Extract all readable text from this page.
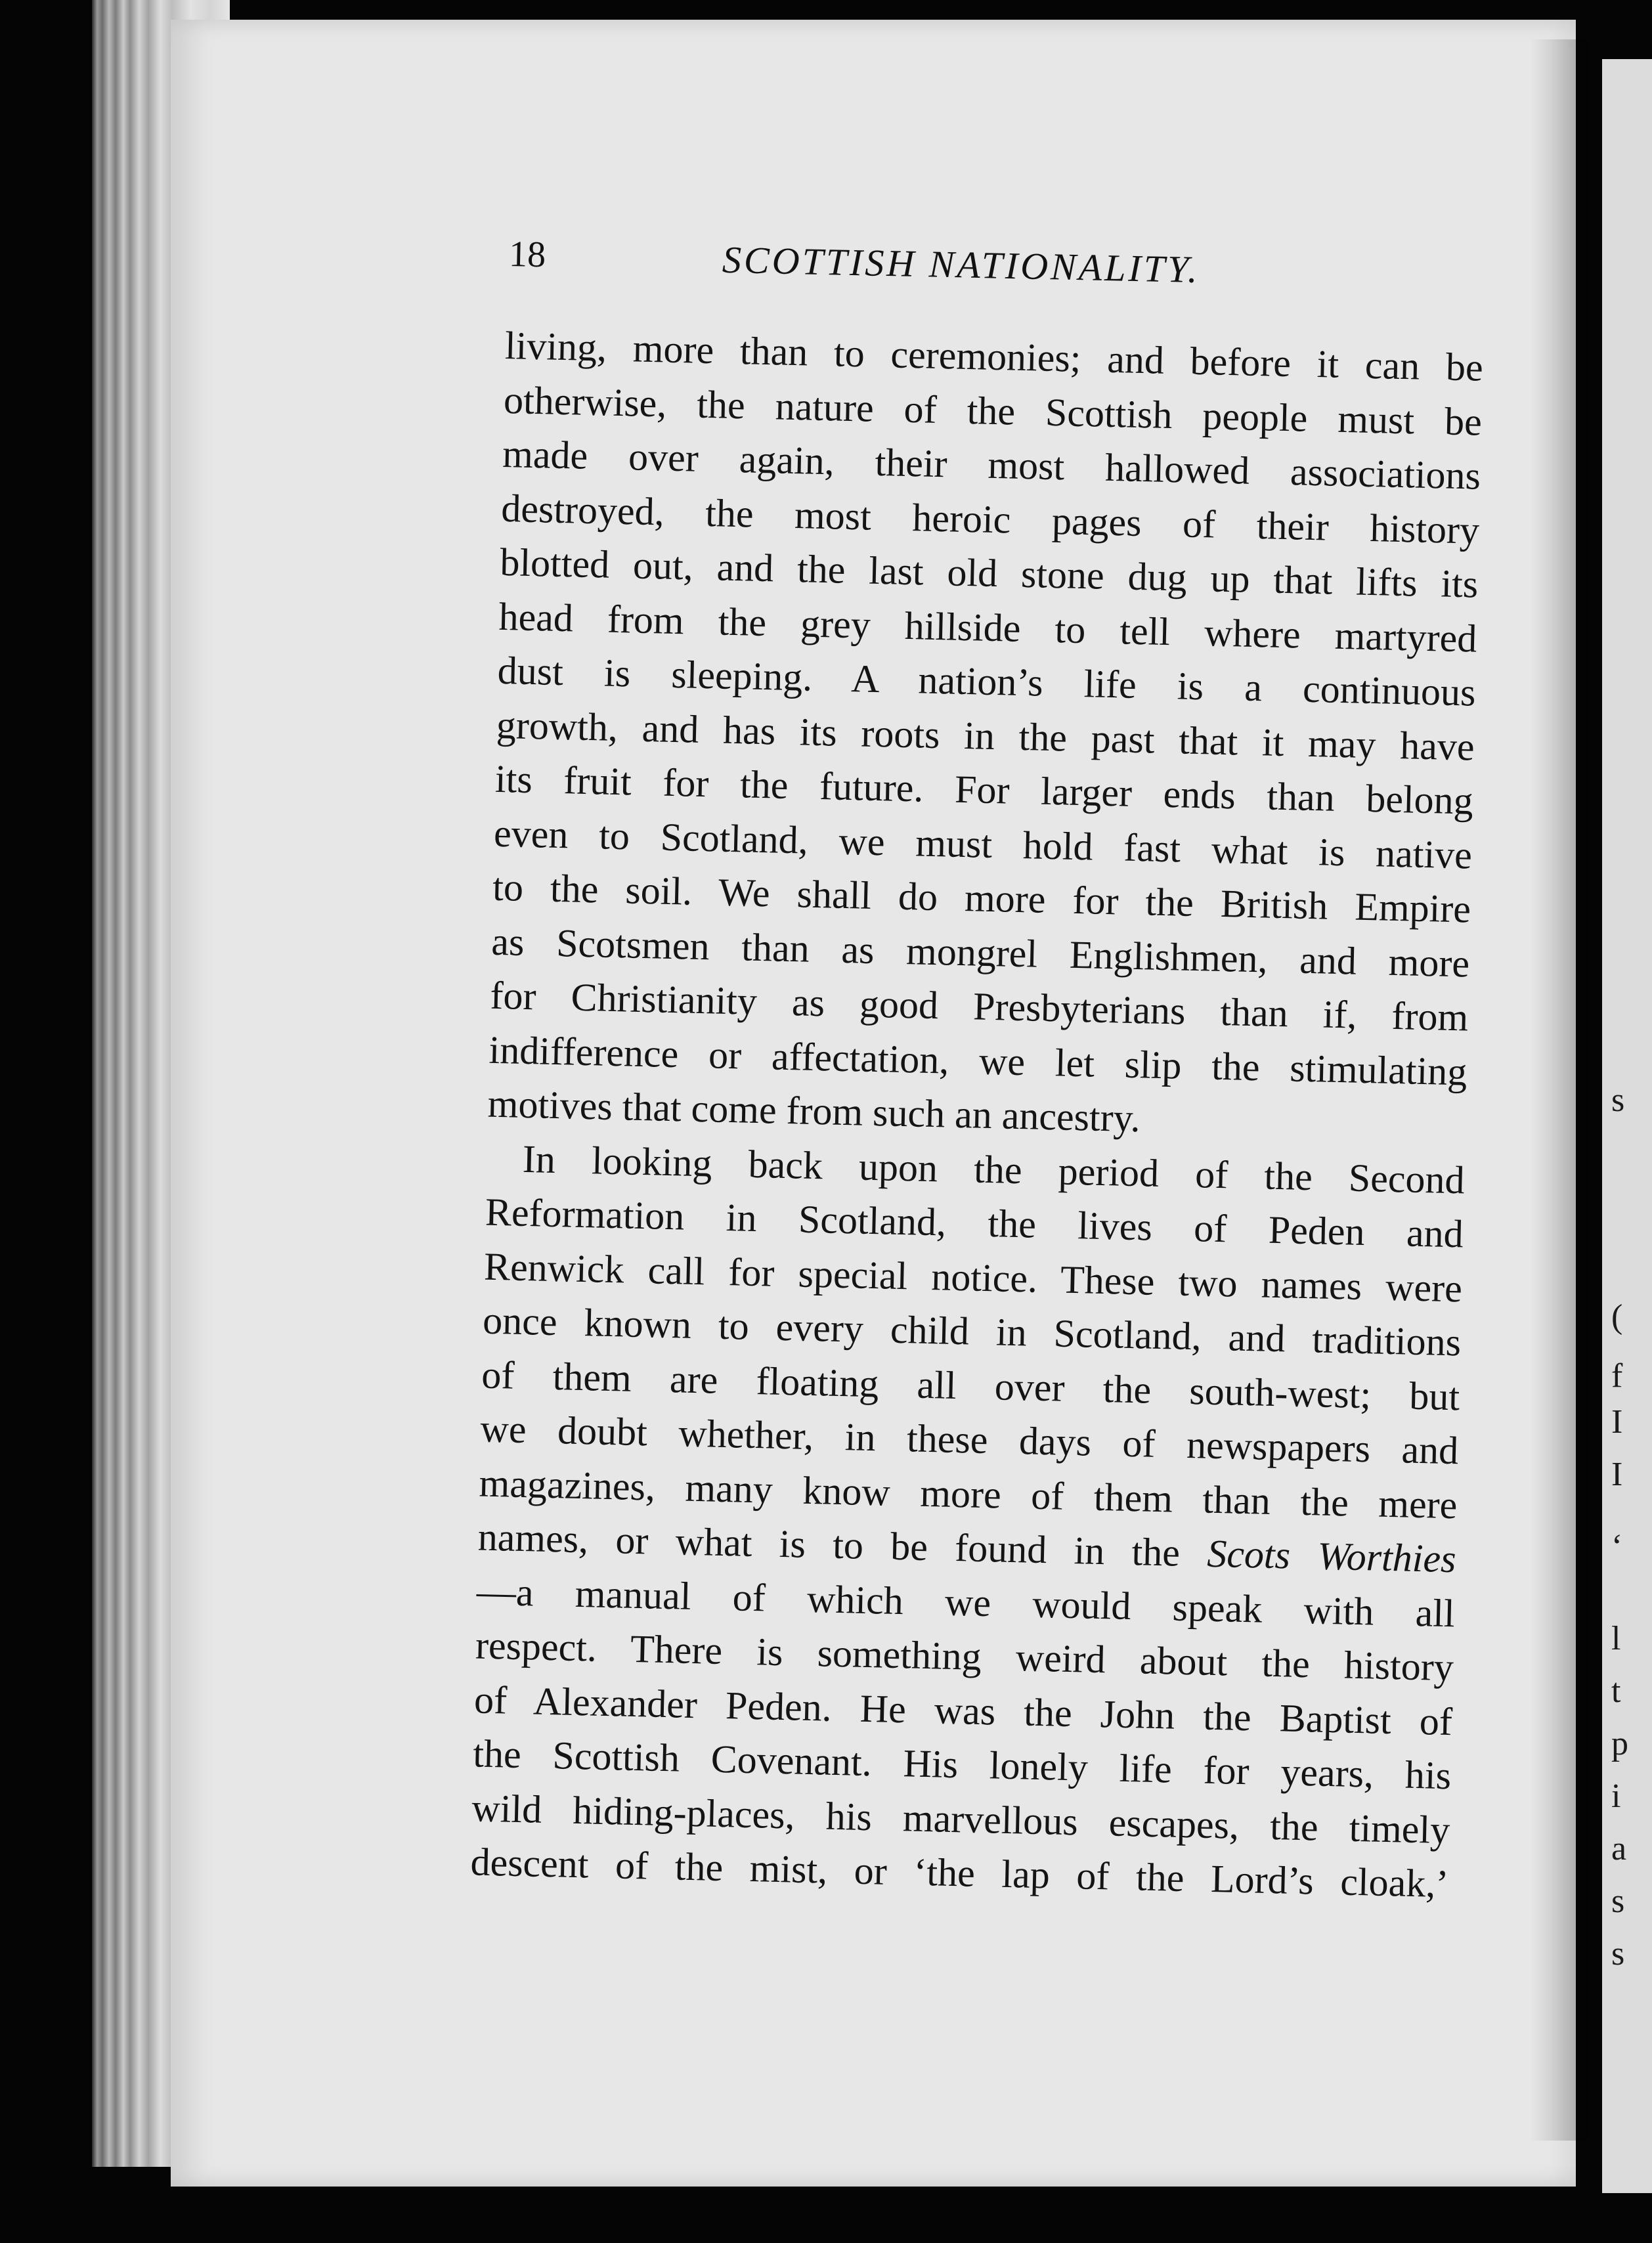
s
(
f
I
I
‘
l
t
p
i
a
s
s
18	SCOTTISH NATIONALITY.
living, more than to ceremonies; and before it can be
otherwise, the nature of the Scottish people must be
made over again, their most hallowed associations
destroyed, the most heroic pages of their history
blotted out, and the last old stone dug up that lifts its
head from the grey hillside to tell where martyred
dust is sleeping. A nation’s life is a continuous
growth, and has its roots in the past that it may have
its fruit for the future. For larger ends than belong
even to Scotland, we must hold fast what is native
to the soil. We shall do more for the British Empire
as Scotsmen than as mongrel Englishmen, and more
for Christianity as good Presbyterians than if, from
indifference or affectation, we let slip the stimulating
motives that come from such an ancestry.
In looking back upon the period of the Second
Reformation in Scotland, the lives of Peden and
Renwick call for special notice. These two names were
once known to every child in Scotland, and traditions
of them are floating all over the south-west; but
we doubt whether, in these days of newspapers and
magazines, many know more of them than the mere
names, or what is to be found in the Scots Worthies
—a manual of which we would speak with all
respect. There is something weird about the history
of Alexander Peden. He was the John the Baptist of
the Scottish Covenant. His lonely life for years, his
wild hiding-places, his marvellous escapes, the timely
descent of the mist, or ‘the lap of the Lord’s cloak,’
